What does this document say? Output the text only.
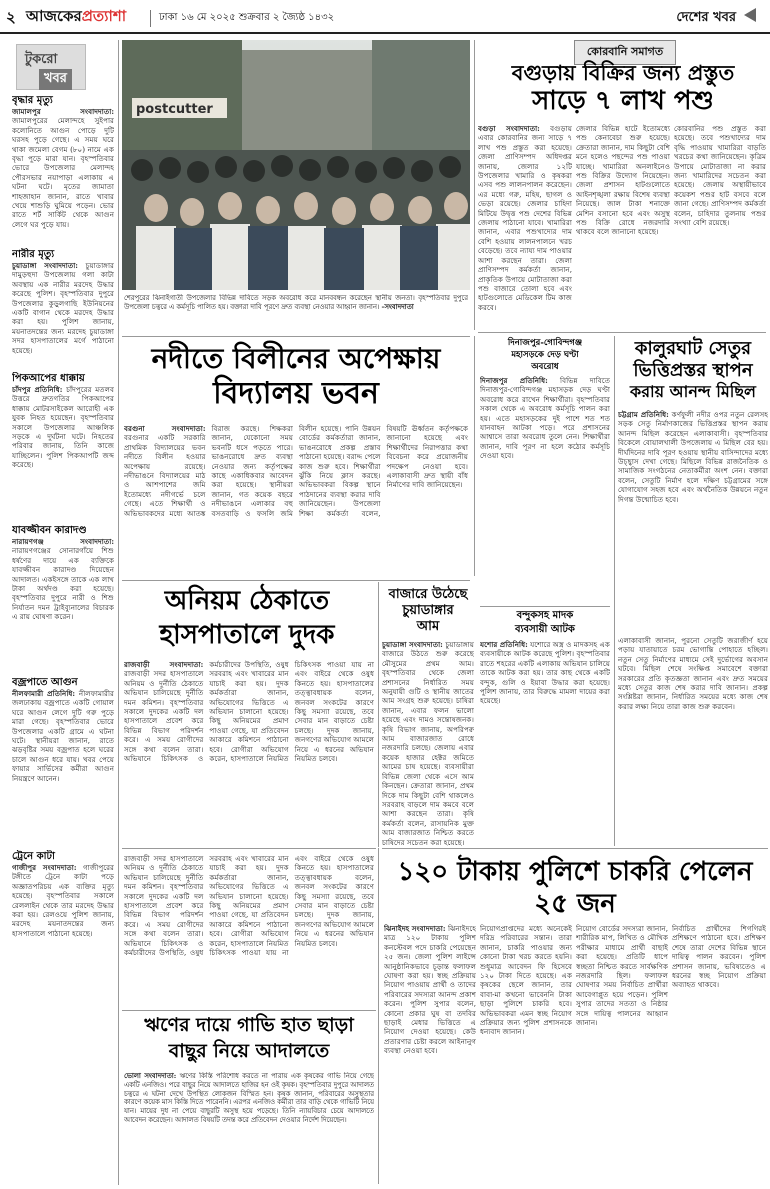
২ আজকেরপ্রত্যাশা	ঢাকা ১৬ মে ২০২৫ শুক্রবার ২ জ্যৈষ্ঠ ১৪৩২	দেশের খবর
টুকরো
খবর
বৃদ্ধার মৃত্যু
জামালপুর সংবাদদাতা: জামালপুরের মেলান্দহে সুইপার কলোনিতে আগুন পোড়ে দুটি ঘরসহ পুড়ে গেছে। এ সময় ঘরে থাকা জমেলা বেগম (৮০) নামে এক বৃদ্ধা পুড়ে মারা যান। বৃহস্পতিবার ভোরে উপজেলার মেলান্দহ পৌরসভার নয়াপাড়া এলাকায় এ ঘটনা ঘটে। মৃতের জামাতা শাহজাহান জানান, রাতে খাবার খেয়ে শাশুড়ি ঘুমিয়ে পড়েন। ভোর রাতে শর্ট সার্কিট থেকে আগুন লেগে ঘর পুড়ে যায়।
নারীর মৃত্যু
চুয়াডাঙ্গা সংবাদদাতা: চুয়াডাঙ্গার দামুড়হুদা উপজেলায় গলা কাটা অবস্থায় এক নারীর মরদেহ উদ্ধার করেছে পুলিশ। বৃহস্পতিবার দুপুরে উপজেলার কুড়ুলগাছি ইউনিয়নের একটি বাগান থেকে মরদেহ উদ্ধার করা হয়। পুলিশ জানায়, ময়নাতদন্তের জন্য মরদেহ চুয়াডাঙ্গা সদর হাসপাতালের মর্গে পাঠানো হয়েছে।
পিকআপের ধাক্কায়
চাঁদপুর প্রতিনিধি: চাঁদপুরের মতলব উত্তরে দ্রুতগতির পিকআপের ধাক্কায় মোটরসাইকেল আরোহী এক যুবক নিহত হয়েছেন। বৃহস্পতিবার সকালে উপজেলার আঞ্চলিক সড়কে এ দুর্ঘটনা ঘটে। নিহতের পরিবার জানায়, তিনি কাজে যাচ্ছিলেন। পুলিশ পিকআপটি জব্দ করেছে।
যাবজ্জীবন কারাদণ্ড
নারায়ণগঞ্জ সংবাদদাতা: নারায়ণগঞ্জের সোনারগাঁয়ে শিশু ধর্ষণের দায়ে এক ব্যক্তিকে যাবজ্জীবন কারাদণ্ড দিয়েছেন আদালত। একইসঙ্গে তাকে এক লাখ টাকা অর্থদণ্ড করা হয়েছে। বৃহস্পতিবার দুপুরে নারী ও শিশু নির্যাতন দমন ট্রাইব্যুনালের বিচারক এ রায় ঘোষণা করেন।
বজ্রপাতে আগুন
নীলফামারী প্রতিনিধি: নীলফামারীর জলঢাকায় বজ্রপাতে একটি গোয়াল ঘরে আগুন লেগে দুটি গরু পুড়ে মারা গেছে। বৃহস্পতিবার ভোরে উপজেলার একটি গ্রামে এ ঘটনা ঘটে। স্থানীয়রা জানান, রাতে ঝড়বৃষ্টির সময় বজ্রপাত হলে ঘরের চালে আগুন ধরে যায়। খবর পেয়ে ফায়ার সার্ভিসের কর্মীরা আগুন নিয়ন্ত্রণে আনেন।
ট্রেনে কাটা
গাজীপুর সংবাদদাতা: গাজীপুরের টঙ্গীতে ট্রেনে কাটা পড়ে অজ্ঞাতপরিচয় এক ব্যক্তির মৃত্যু হয়েছে। বৃহস্পতিবার সকালে রেললাইন থেকে তার মরদেহ উদ্ধার করা হয়। রেলওয়ে পুলিশ জানায়, মরদেহ ময়নাতদন্তের জন্য হাসপাতালে পাঠানো হয়েছে।
postcutter
শেরপুরের ঝিনাইগাতী উপজেলার বিভিন্ন দাবিতে সড়ক অবরোধ করে মানববন্ধন করেছেন স্থানীয় জনতা। বৃহস্পতিবার দুপুরে উপজেলা চত্বরে এ কর্মসূচি পালিত হয়। বক্তারা দাবি পূরণে দ্রুত ব্যবস্থা নেওয়ার আহ্বান জানান। -সংবাদদাতা
কোরবানি সমাগত
বগুড়ায় বিক্রির জন্য প্রস্তুত
সাড়ে ৭ লাখ পশু
বগুড়া সংবাদদাতা: বগুড়ায় এবার কোরবানির জন্য সাড়ে ৭ লাখ পশু প্রস্তুত করা হয়েছে। জেলা প্রাণিসম্পদ অধিদপ্তর জানায়, জেলার ১২টি উপজেলার খামারি ও কৃষকরা এসব পশু লালনপালন করেছেন। এর মধ্যে গরু, মহিষ, ছাগল ও ভেড়া রয়েছে। জেলার চাহিদা মিটিয়ে উদ্বৃত্ত পশু দেশের বিভিন্ন জেলায় পাঠানো যাবে। খামারিরা জানান, এবার পশুখাদ্যের দাম বেশি হওয়ায় লালনপালনে খরচ বেড়েছে। তবে ন্যায্য দাম পাওয়ার আশা করছেন তারা। জেলা প্রাণিসম্পদ কর্মকর্তা জানান, প্রাকৃতিক উপায়ে মোটাতাজা করা পশু বাজারে তোলা হবে এবং হাটগুলোতে মেডিকেল টিম কাজ করবে।
জেলার বিভিন্ন হাটে ইতোমধ্যে পশু কেনাবেচা শুরু হয়েছে। ক্রেতারা জানান, দাম কিছুটা বেশি মনে হলেও পছন্দের পশু পাওয়া যাচ্ছে। খামারিরা অনলাইনেও পশু বিক্রির উদ্যোগ নিয়েছেন। জেলা প্রশাসন হাটগুলোতে আইনশৃঙ্খলা রক্ষায় বিশেষ ব্যবস্থা নিয়েছে। জাল টাকা শনাক্তে মেশিন বসানো হবে এবং অসুস্থ পশু বিক্রি রোধে নজরদারি থাকবে বলে জানানো হয়েছে।
কোরবানির পশু প্রস্তুত করা হয়েছে। তবে পশুখাদ্যের দাম বৃদ্ধি পাওয়ায় খামারিরা বাড়তি খরচের কথা জানিয়েছেন। কৃত্রিম উপায়ে মোটাতাজা না করার জন্য খামারিদের সচেতন করা হয়েছে। জেলায় অস্থায়ীভাবে কয়েকশ পশুর হাট বসবে বলে জানা গেছে। প্রাণিসম্পদ কর্মকর্তা বলেন, চাহিদার তুলনায় পশুর সংখ্যা বেশি রয়েছে।
নদীতে বিলীনের অপেক্ষায়
বিদ্যালয় ভবন
বরগুনা সংবাদদাতা: বরগুনার একটি সরকারি প্রাথমিক বিদ্যালয়ের ভবন নদীতে বিলীন হওয়ার অপেক্ষায় রয়েছে। নদীভাঙনে বিদ্যালয়ের মাঠ ও আশপাশের জমি ইতোমধ্যে নদীগর্ভে চলে গেছে। এতে শিক্ষার্থী ও অভিভাবকদের মধ্যে আতঙ্ক বিরাজ করছে। শিক্ষকরা জানান, যেকোনো সময় ভবনটি ধসে পড়তে পারে। ভাঙনরোধে দ্রুত ব্যবস্থা নেওয়ার জন্য কর্তৃপক্ষের কাছে একাধিকবার আবেদন করা হয়েছে। স্থানীয়রা জানান, গত কয়েক বছরে নদীভাঙনে এলাকার বহু বসতবাড়ি ও ফসলি জমি বিলীন হয়েছে। পানি উন্নয়ন বোর্ডের কর্মকর্তারা জানান, ভাঙনরোধে প্রকল্প প্রস্তাব পাঠানো হয়েছে। বরাদ্দ পেলে কাজ শুরু হবে। শিক্ষার্থীরা ঝুঁকি নিয়ে ক্লাস করছে। অভিভাবকরা বিকল্প স্থানে পাঠদানের ব্যবস্থা করার দাবি জানিয়েছেন। উপজেলা শিক্ষা কর্মকর্তা বলেন, বিষয়টি ঊর্ধ্বতন কর্তৃপক্ষকে জানানো হয়েছে এবং শিক্ষার্থীদের নিরাপত্তার কথা বিবেচনা করে প্রয়োজনীয় পদক্ষেপ নেওয়া হবে। এলাকাবাসী দ্রুত স্থায়ী বাঁধ নির্মাণের দাবি জানিয়েছেন।
দিনাজপুর-গোবিন্দগঞ্জ
মহাসড়কে দেড় ঘণ্টা
অবরোধ
দিনাজপুর প্রতিনিধি: বিভিন্ন দাবিতে দিনাজপুর-গোবিন্দগঞ্জ মহাসড়ক দেড় ঘণ্টা অবরোধ করে রাখেন শিক্ষার্থীরা। বৃহস্পতিবার সকাল থেকে এ অবরোধ কর্মসূচি পালন করা হয়। এতে মহাসড়কের দুই পাশে শত শত যানবাহন আটকা পড়ে। পরে প্রশাসনের আশ্বাসে তারা অবরোধ তুলে নেন। শিক্ষার্থীরা জানান, দাবি পূরণ না হলে কঠোর কর্মসূচি দেওয়া হবে।
কালুরঘাট সেতুর
ভিত্তিপ্রস্তর স্থাপন
করায় আনন্দ মিছিল
চট্টগ্রাম প্রতিনিধি: কর্ণফুলী নদীর ওপর নতুন রেলসহ সড়ক সেতু নির্মাণকাজের ভিত্তিপ্রস্তর স্থাপন করায় আনন্দ মিছিল করেছেন এলাকাবাসী। বৃহস্পতিবার বিকেলে বোয়ালখালী উপজেলায় এ মিছিল বের হয়। দীর্ঘদিনের দাবি পূরণ হওয়ায় স্থানীয় বাসিন্দাদের মধ্যে উচ্ছ্বাস দেখা গেছে। মিছিলে বিভিন্ন রাজনৈতিক ও সামাজিক সংগঠনের নেতাকর্মীরা অংশ নেন। বক্তারা বলেন, সেতুটি নির্মাণ হলে দক্ষিণ চট্টগ্রামের সঙ্গে যোগাযোগ সহজ হবে এবং অর্থনৈতিক উন্নয়নে নতুন দিগন্ত উন্মোচিত হবে।
এলাকাবাসী জানান, পুরনো সেতুটি জরাজীর্ণ হয়ে পড়ায় যাতায়াতে চরম ভোগান্তি পোহাতে হচ্ছিল। নতুন সেতু নির্মাণের মাধ্যমে সেই দুর্ভোগের অবসান ঘটবে। মিছিল শেষে সংক্ষিপ্ত সমাবেশে বক্তারা সরকারের প্রতি কৃতজ্ঞতা জানান এবং দ্রুত সময়ের মধ্যে সেতুর কাজ শেষ করার দাবি জানান। প্রকল্প সংশ্লিষ্টরা জানান, নির্ধারিত সময়ের মধ্যে কাজ শেষ করার লক্ষ্য নিয়ে তারা কাজ শুরু করবেন।
বন্দুকসহ মাদক
ব্যবসায়ী আটক
যশোর প্রতিনিধি: যশোরে অস্ত্র ও মাদকসহ এক ব্যবসায়ীকে আটক করেছে পুলিশ। বৃহস্পতিবার রাতে শহরের একটি এলাকায় অভিযান চালিয়ে তাকে আটক করা হয়। তার কাছ থেকে একটি বন্দুক, গুলি ও ইয়াবা উদ্ধার করা হয়েছে। পুলিশ জানায়, তার বিরুদ্ধে মামলা দায়ের করা হয়েছে।
অনিয়ম ঠেকাতে
হাসপাতালে দুদক
রাজবাড়ী সংবাদদাতা: রাজবাড়ী সদর হাসপাতালে অনিয়ম ও দুর্নীতি ঠেকাতে অভিযান চালিয়েছে দুর্নীতি দমন কমিশন। বৃহস্পতিবার সকালে দুদকের একটি দল হাসপাতালে প্রবেশ করে বিভিন্ন বিভাগ পরিদর্শন করে। এ সময় রোগীদের সঙ্গে কথা বলেন তারা। অভিযানে চিকিৎসক ও কর্মচারীদের উপস্থিতি, ওষুধ সরবরাহ এবং খাবারের মান যাচাই করা হয়। দুদক কর্মকর্তারা জানান, অভিযোগের ভিত্তিতে এ অভিযান চালানো হয়েছে। কিছু অনিয়মের প্রমাণ পাওয়া গেছে, যা প্রতিবেদন আকারে কমিশনে পাঠানো হবে। রোগীরা অভিযোগ করেন, হাসপাতালে নিয়মিত চিকিৎসক পাওয়া যায় না এবং বাইরে থেকে ওষুধ কিনতে হয়। হাসপাতালের তত্ত্বাবধায়ক বলেন, জনবল সংকটের কারণে কিছু সমস্যা রয়েছে, তবে সেবার মান বাড়াতে চেষ্টা চলছে। দুদক জানায়, জনগণের অভিযোগ আমলে নিয়ে এ ধরনের অভিযান নিয়মিত চলবে।
বাজারে উঠেছে
চুয়াডাঙ্গার
আম
চুয়াডাঙ্গা সংবাদদাতা: চুয়াডাঙ্গায় বাজারে উঠতে শুরু করেছে মৌসুমের প্রথম আম। বৃহস্পতিবার থেকে জেলা প্রশাসনের নির্ধারিত সময় অনুযায়ী গুটি ও স্থানীয় জাতের আম সংগ্রহ শুরু হয়েছে। চাষিরা জানান, এবার ফলন ভালো হয়েছে এবং দামও সন্তোষজনক। কৃষি বিভাগ জানায়, অপরিপক্ব আম বাজারজাত রোধে নজরদারি চলছে। জেলায় এবার কয়েক হাজার হেক্টর জমিতে আমের চাষ হয়েছে। ব্যবসায়ীরা বিভিন্ন জেলা থেকে এসে আম কিনছেন। ক্রেতারা জানান, প্রথম দিকে দাম কিছুটা বেশি থাকলেও সরবরাহ বাড়লে দাম কমবে বলে আশা করছেন তারা। কৃষি কর্মকর্তা বলেন, রাসায়নিক মুক্ত আম বাজারজাত নিশ্চিত করতে চাষিদের সচেতন করা হয়েছে।
১২০ টাকায় পুলিশে চাকরি পেলেন ২৫ জন
ঝিনাইদহ সংবাদদাতা: ঝিনাইদহে মাত্র ১২০ টাকায় পুলিশ কনস্টেবল পদে চাকরি পেয়েছেন ২৫ জন। জেলা পুলিশ লাইন্সে আনুষ্ঠানিকভাবে চূড়ান্ত ফলাফল ঘোষণা করা হয়। স্বচ্ছ প্রক্রিয়ায় নিয়োগ পাওয়ায় প্রার্থী ও তাদের পরিবারের সদস্যরা আনন্দ প্রকাশ করেন। পুলিশ সুপার বলেন, কোনো প্রকার ঘুষ বা তদবির ছাড়াই মেধার ভিত্তিতে এ নিয়োগ দেওয়া হয়েছে। কেউ প্রতারণার চেষ্টা করলে আইনানুগ ব্যবস্থা নেওয়া হবে।
নিয়োগপ্রাপ্তদের মধ্যে অনেকেই দরিদ্র পরিবারের সন্তান। তারা জানান, চাকরি পাওয়ার জন্য কোনো টাকা খরচ করতে হয়নি। শুধুমাত্র আবেদন ফি হিসেবে ১২০ টাকা দিতে হয়েছে। এক কৃষকের ছেলে জানান, তার বাবা-মা কখনো ভাবেননি টাকা ছাড়া পুলিশে চাকরি হবে। অভিভাবকরা এমন স্বচ্ছ নিয়োগ প্রক্রিয়ার জন্য পুলিশ প্রশাসনকে ধন্যবাদ জানান।
নিয়োগ বোর্ডের সদস্যরা জানান, শারীরিক মাপ, লিখিত ও মৌখিক পরীক্ষার মাধ্যমে প্রার্থী বাছাই করা হয়েছে। প্রতিটি ধাপে স্বচ্ছতা নিশ্চিত করতে সার্বক্ষণিক নজরদারি ছিল। ফলাফল ঘোষণার সময় নির্বাচিত প্রার্থীরা আবেগাপ্লুত হয়ে পড়েন। পুলিশ সুপার তাদের সততা ও নিষ্ঠার সঙ্গে দায়িত্ব পালনের আহ্বান জানান।
নির্বাচিত প্রার্থীদের শিগগিরই প্রশিক্ষণে পাঠানো হবে। প্রশিক্ষণ শেষে তারা দেশের বিভিন্ন স্থানে দায়িত্ব পালন করবেন। পুলিশ প্রশাসন জানায়, ভবিষ্যতেও এ ধরনের স্বচ্ছ নিয়োগ প্রক্রিয়া অব্যাহত থাকবে।
ঋণের দায়ে গাভি হাত ছাড়া
বাছুর নিয়ে আদালতে
ভোলা সংবাদদাতা: ঋণের কিস্তি পরিশোধ করতে না পারায় এক কৃষকের গাভি নিয়ে গেছে একটি এনজিও। পরে বাছুর নিয়ে আদালতে হাজির হন ওই কৃষক। বৃহস্পতিবার দুপুরে আদালত চত্বরে এ ঘটনা দেখে উপস্থিত লোকজন বিস্মিত হন। কৃষক জানান, পরিবারের অসুস্থতার কারণে কয়েক মাস কিস্তি দিতে পারেননি। এরপর এনজিও কর্মীরা তার বাড়ি থেকে গাভিটি নিয়ে যান। মায়ের দুধ না পেয়ে বাছুরটি অসুস্থ হয়ে পড়েছে। তিনি ন্যায়বিচার চেয়ে আদালতে আবেদন করেছেন। আদালত বিষয়টি তদন্ত করে প্রতিবেদন দেওয়ার নির্দেশ দিয়েছেন।
রাজবাড়ী সদর হাসপাতালে অনিয়ম ও দুর্নীতি ঠেকাতে অভিযান চালিয়েছে দুর্নীতি দমন কমিশন। বৃহস্পতিবার সকালে দুদকের একটি দল হাসপাতালে প্রবেশ করে বিভিন্ন বিভাগ পরিদর্শন করে। এ সময় রোগীদের সঙ্গে কথা বলেন তারা। অভিযানে চিকিৎসক ও কর্মচারীদের উপস্থিতি, ওষুধ সরবরাহ এবং খাবারের মান যাচাই করা হয়। দুদক কর্মকর্তারা জানান, অভিযোগের ভিত্তিতে এ অভিযান চালানো হয়েছে। কিছু অনিয়মের প্রমাণ পাওয়া গেছে, যা প্রতিবেদন আকারে কমিশনে পাঠানো হবে। রোগীরা অভিযোগ করেন, হাসপাতালে নিয়মিত চিকিৎসক পাওয়া যায় না এবং বাইরে থেকে ওষুধ কিনতে হয়। হাসপাতালের তত্ত্বাবধায়ক বলেন, জনবল সংকটের কারণে কিছু সমস্যা রয়েছে, তবে সেবার মান বাড়াতে চেষ্টা চলছে। দুদক জানায়, জনগণের অভিযোগ আমলে নিয়ে এ ধরনের অভিযান নিয়মিত চলবে।
